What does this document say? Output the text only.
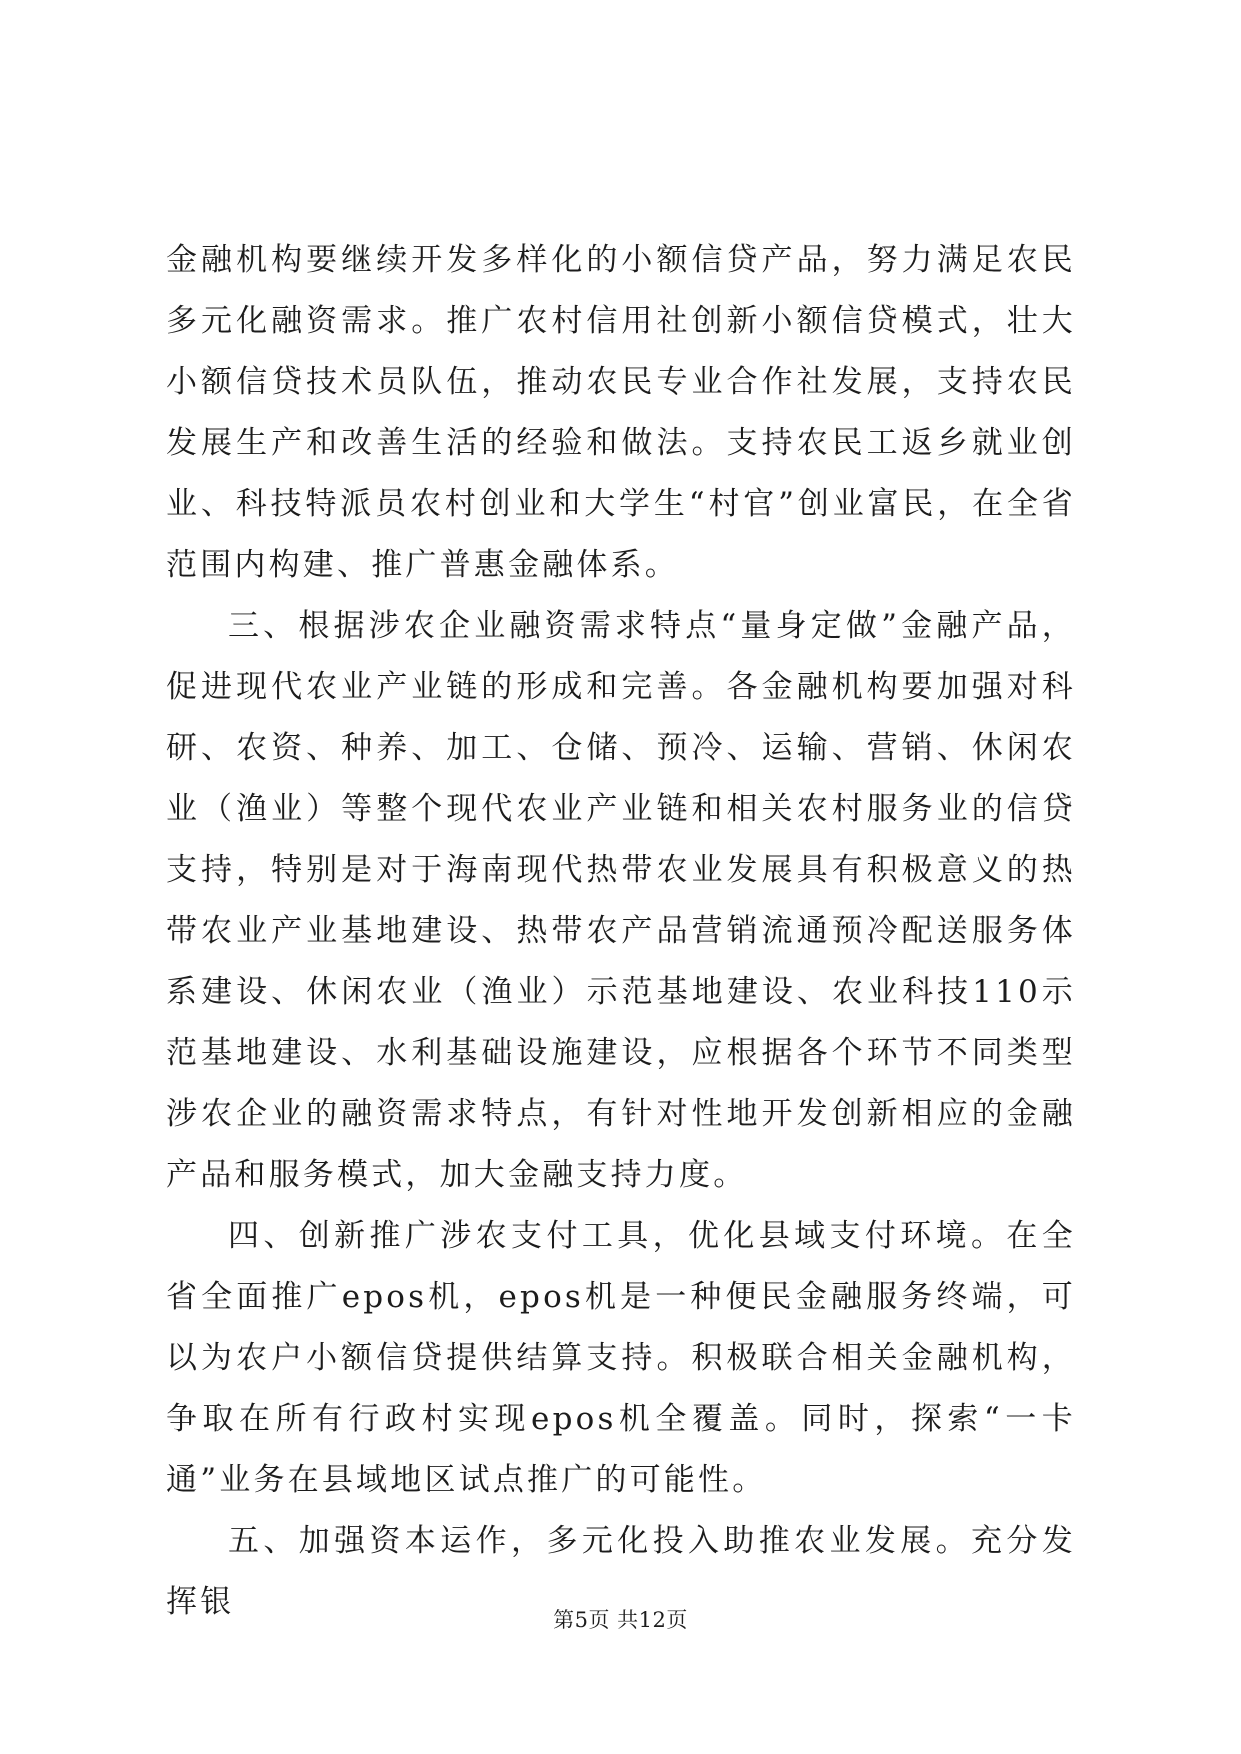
金融机构要继续开发多样化的小额信贷产品，努力满足农民多元化融资需求。推广农村信用社创新小额信贷模式，壮大小额信贷技术员队伍，推动农民专业合作社发展，支持农民发展生产和改善生活的经验和做法。支持农民工返乡就业创业、科技特派员农村创业和大学生“村官”创业富民，在全省范围内构建、推广普惠金融体系。

三、根据涉农企业融资需求特点“量身定做”金融产品，促进现代农业产业链的形成和完善。各金融机构要加强对科研、农资、种养、加工、仓储、预冷、运输、营销、休闲农业（渔业）等整个现代农业产业链和相关农村服务业的信贷支持，特别是对于海南现代热带农业发展具有积极意义的热带农业产业基地建设、热带农产品营销流通预冷配送服务体系建设、休闲农业（渔业）示范基地建设、农业科技110示范基地建设、水利基础设施建设，应根据各个环节不同类型涉农企业的融资需求特点，有针对性地开发创新相应的金融产品和服务模式，加大金融支持力度。

四、创新推广涉农支付工具，优化县域支付环境。在全省全面推广epos机，epos机是一种便民金融服务终端，可以为农户小额信贷提供结算支持。积极联合相关金融机构，争取在所有行政村实现epos机全覆盖。同时，探索“一卡通”业务在县域地区试点推广的可能性。

五、加强资本运作，多元化投入助推农业发展。充分发挥银	第5页 共12页
